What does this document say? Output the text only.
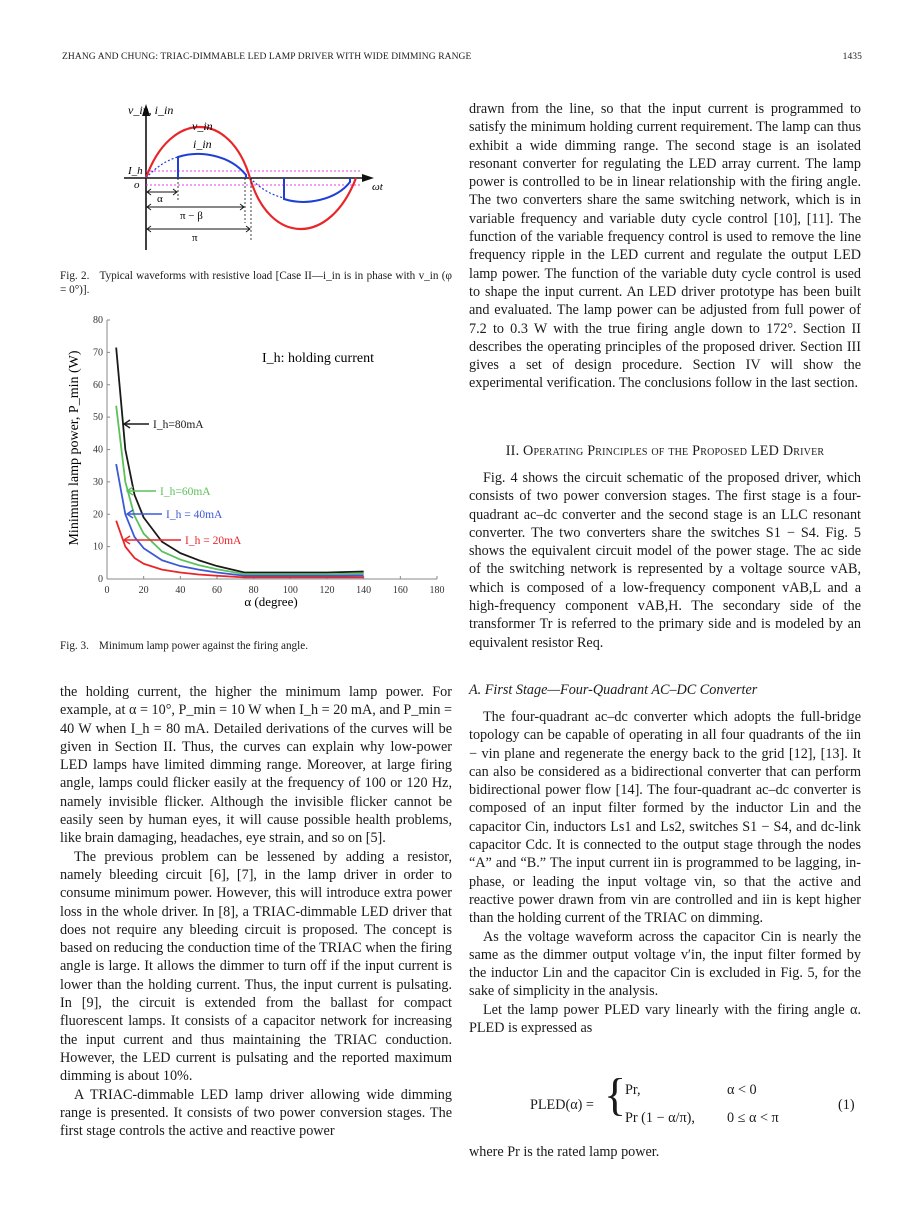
ZHANG AND CHUNG: TRIAC-DIMMABLE LED LAMP DRIVER WITH WIDE DIMMING RANGE	1435
v_in, i_in
v_in
i_in
I_h
o	ωt
α
π − β
π
Fig. 2. Typical waveforms with resistive load [Case II—i_in is in phase with v_in (φ = 0°)].
0	20	40	60	80 100 120 140 160 180
0
10
20
30
40
50
60
70
80
I_h: holding current
α (degree)
Minimum lamp power, P_min (W)	I_h=80mA
I_h=60mA
I_h = 40mA
I_h = 20mA
Fig. 3. Minimum lamp power against the firing angle.

the holding current, the higher the minimum lamp power. For example, at α = 10°, P_min = 10 W when I_h = 20 mA, and P_min = 40 W when I_h = 80 mA. Detailed derivations of the curves will be given in Section II. Thus, the curves can explain why low-power LED lamps have limited dimming range. Moreover, at large firing angle, lamps could flicker easily at the frequency of 100 or 120 Hz, namely invisible flicker. Although the invisible flicker cannot be easily seen by human eyes, it will cause possible health problems, like brain damaging, headaches, eye strain, and so on [5].

The previous problem can be lessened by adding a resistor, namely bleeding circuit [6], [7], in the lamp driver in order to consume minimum power. However, this will introduce extra power loss in the whole driver. In [8], a TRIAC-dimmable LED driver that does not require any bleeding circuit is proposed. The concept is based on reducing the conduction time of the TRIAC when the firing angle is large. It allows the dimmer to turn off if the input current is lower than the holding current. Thus, the input current is pulsating. In [9], the circuit is extended from the ballast for compact fluorescent lamps. It consists of a capacitor network for increasing the input current and thus maintaining the TRIAC conduction. However, the LED current is pulsating and the reported maximum dimming is about 10%.

A TRIAC-dimmable LED lamp driver allowing wide dimming range is presented. It consists of two power conversion stages. The first stage controls the active and reactive power

drawn from the line, so that the input current is programmed to satisfy the minimum holding current requirement. The lamp can thus exhibit a wide dimming range. The second stage is an isolated resonant converter for regulating the LED array current. The lamp power is controlled to be in linear relationship with the firing angle. The two converters share the same switching network, which is in variable frequency and variable duty cycle control [10], [11]. The function of the variable frequency control is used to remove the line frequency ripple in the LED current and regulate the output LED lamp power. The function of the variable duty cycle control is used to shape the input current. An LED driver prototype has been built and evaluated. The lamp power can be adjusted from full power of 7.2 to 0.3 W with the true firing angle down to 172°. Section II describes the operating principles of the proposed driver. Section III gives a set of design procedure. Section IV will show the experimental verification. The conclusions follow in the last section.

II. Operating Principles of the Proposed LED Driver

Fig. 4 shows the circuit schematic of the proposed driver, which consists of two power conversion stages. The first stage is a four-quadrant ac–dc converter and the second stage is an LLC resonant converter. The two converters share the switches S1 − S4. Fig. 5 shows the equivalent circuit model of the power stage. The ac side of the switching network is represented by a voltage source vAB, which is composed of a low-frequency component vAB,L and a high-frequency component vAB,H. The secondary side of the transformer Tr is referred to the primary side and is modeled by an equivalent resistor Req.

A. First Stage—Four-Quadrant AC–DC Converter

The four-quadrant ac–dc converter which adopts the full-bridge topology can be capable of operating in all four quadrants of the iin − vin plane and regenerate the energy back to the grid [12], [13]. It can also be considered as a bidirectional converter that can perform bidirectional power flow [14]. The four-quadrant ac–dc converter is composed of an input filter formed by the inductor Lin and the capacitor Cin, inductors Ls1 and Ls2, switches S1 − S4, and dc-link capacitor Cdc. It is connected to the output stage through the nodes “A” and “B.” The input current iin is programmed to be lagging, in-phase, or leading the input voltage vin, so that the active and reactive power drawn from vin are controlled and iin is kept higher than the holding current of the TRIAC on dimming.

As the voltage waveform across the capacitor Cin is nearly the same as the dimmer output voltage v′in, the input filter formed by the inductor Lin and the capacitor Cin is excluded in Fig. 5, for the sake of simplicity in the analysis.

Let the lamp power PLED vary linearly with the firing angle α. PLED is expressed as

PLED(α) = {
Pr,	α < 0
Pr (1 − α/π), 0 ≤ α < π
(1)

where Pr is the rated lamp power.
